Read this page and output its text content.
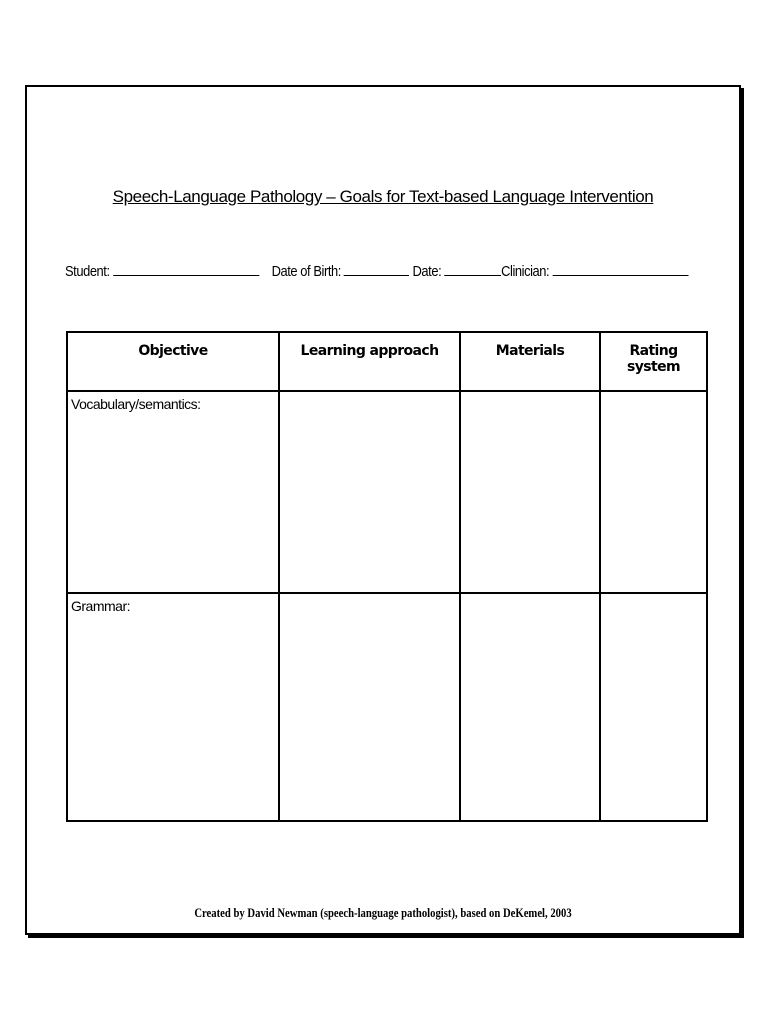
Speech-Language Pathology – Goals for Text-based Language Intervention
Student:	Date of Birth:	Date:	Clinician:
Objective	Learning approach	Materials	Rating system
Vocabulary/semantics:			
Grammar:			
Created by David Newman (speech-language pathologist), based on DeKemel, 2003
